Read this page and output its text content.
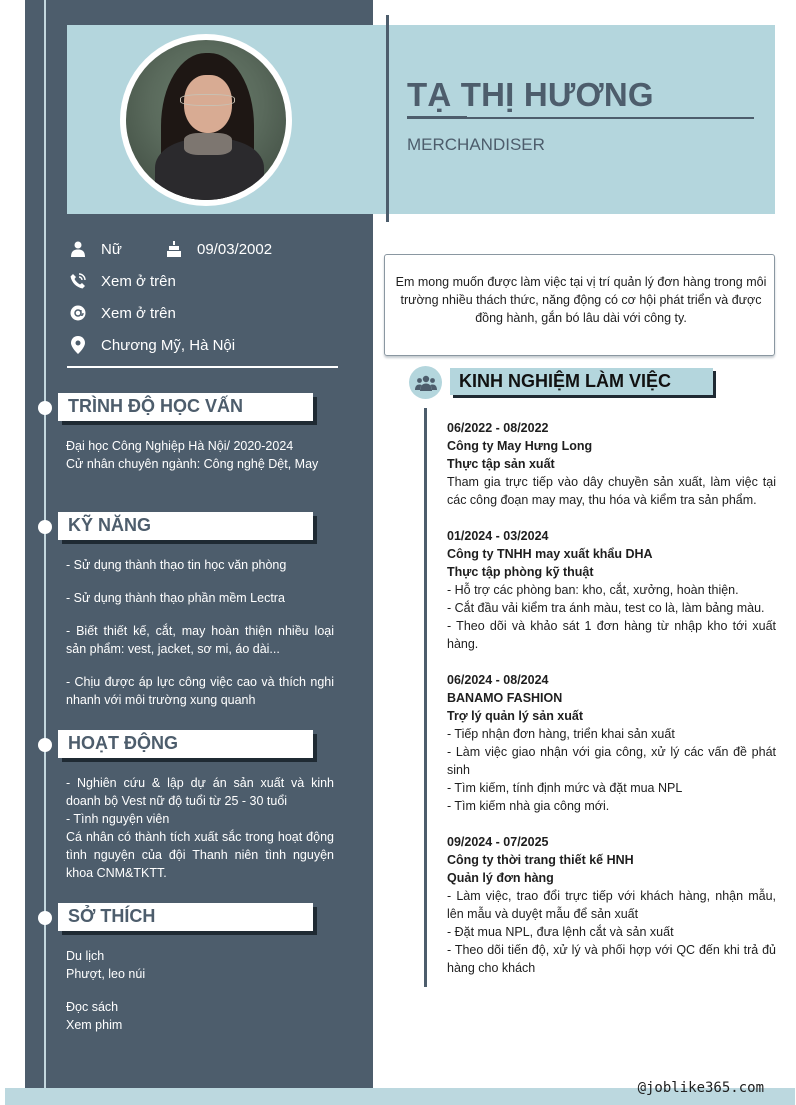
TẠ THỊ HƯƠNG
MERCHANDISER
Nữ	09/03/2002
Xem ở trên
Xem ở trên
Chương Mỹ, Hà Nội
TRÌNH ĐỘ HỌC VẤN
Đại học Công Nghiệp Hà Nội/ 2020-2024
Cử nhân chuyên ngành: Công nghệ Dệt, May
KỸ NĂNG
- Sử dụng thành thạo tin học văn phòng
- Sử dụng thành thạo phần mềm Lectra
- Biết thiết kế, cắt, may hoàn thiện nhiều loại sản phẩm: vest, jacket, sơ mi, áo dài...
- Chịu được áp lực công việc cao và thích nghi nhanh với môi trường xung quanh
HOẠT ĐỘNG
- Nghiên cứu & lập dự án sản xuất và kinh doanh bộ Vest nữ độ tuổi từ 25 - 30 tuổi
- Tình nguyện viên
Cá nhân có thành tích xuất sắc trong hoạt động tình nguyện của đội Thanh niên tình nguyện khoa CNM&TKTT.
SỞ THÍCH
Du lịch
Phượt, leo núi
Đọc sách
Xem phim

Em mong muốn được làm việc tại vị trí quản lý đơn hàng trong môi trường nhiều thách thức, năng động có cơ hội phát triển và được đồng hành, gắn bó lâu dài với công ty.

KINH NGHIỆM LÀM VIỆC
06/2022 - 08/2022
Công ty May Hưng Long
Thực tập sản xuất
Tham gia trực tiếp vào dây chuyền sản xuất, làm việc tại các công đoạn may may, thu hóa và kiểm tra sản phẩm.
01/2024 - 03/2024
Công ty TNHH may xuất khẩu DHA
Thực tập phòng kỹ thuật
- Hỗ trợ các phòng ban: kho, cắt, xưởng, hoàn thiện.
- Cắt đầu vải kiểm tra ánh màu, test co là, làm bảng màu.
- Theo dõi và khảo sát 1 đơn hàng từ nhập kho tới xuất hàng.
06/2024 - 08/2024
BANAMO FASHION
Trợ lý quản lý sản xuất
- Tiếp nhận đơn hàng, triển khai sản xuất
- Làm việc giao nhận với gia công, xử lý các vấn đề phát sinh
- Tìm kiếm, tính định mức và đặt mua NPL
- Tìm kiếm nhà gia công mới.
09/2024 - 07/2025
Công ty thời trang thiết kế HNH
Quản lý đơn hàng
- Làm việc, trao đổi trực tiếp với khách hàng, nhận mẫu, lên mẫu và duyệt mẫu để sản xuất
- Đặt mua NPL, đưa lệnh cắt và sản xuất
- Theo dõi tiến độ, xử lý và phối hợp với QC đến khi trả đủ hàng cho khách
@joblike365.com
